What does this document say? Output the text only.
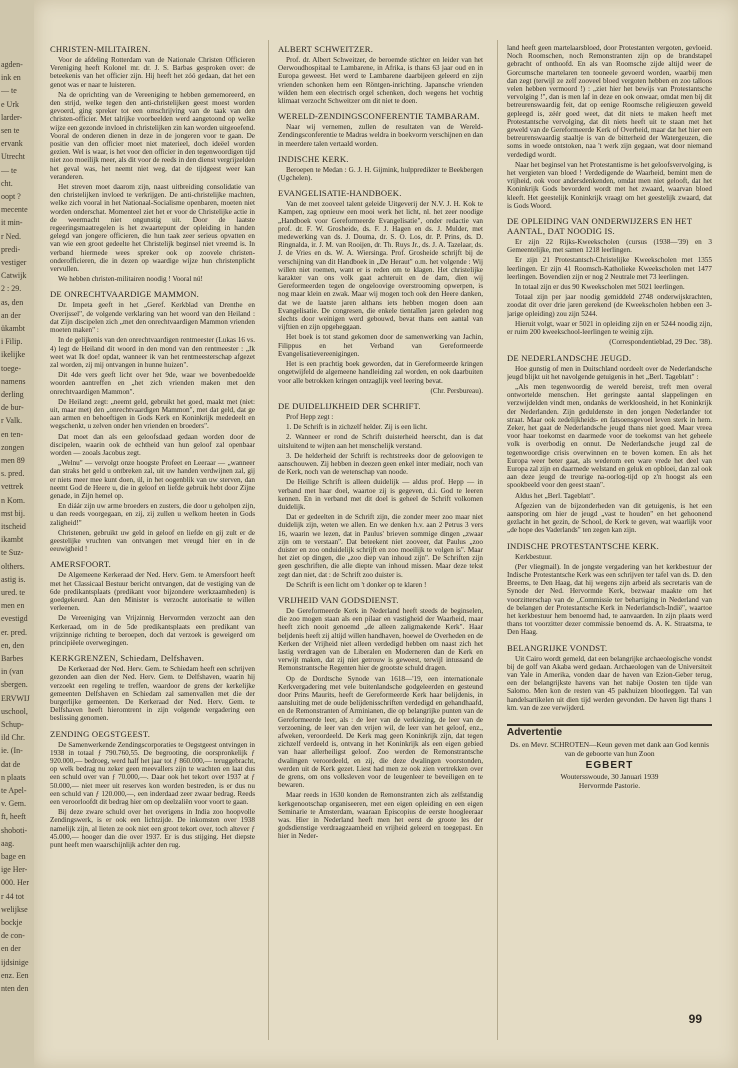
agden-
ink en
— te
e Urk
larder-
sen te
ervank
Utrecht
— te
cht.
oopt ?
mecente
it min-
r Ned.
predi-
vestiger
Catwijk
2 : 29.
as, den
an der
ükambt
i Filip.
ikelijke
toege-
namens
derling
de bur-
r Valk.
en ten-
zongen
men 89
s. pred.
vettrek
n Kom.
mst bij.
itscheid
ikambt
te Suz-
olthers.
astig is.
ured. te
men en
evestigd
er. pred.
en, den
Barbes
in (van
sbergen.
ERVWIJ
uschool,
Schup-
ild Chr.
ie. (In-
dat de
n plaats
te Apel-
v. Gem.
ft, heeft
shoboti-
aag.
bage en
ige Her-
000. Her
r 44 tot
welijkse
bockje
de con-
en der
ijdsinige
enz. Een
nten den
CHRISTEN-MILITAIREN.

Voor de afdeling Rotterdam van de Nationale Christen Officieren Vereniging heeft Kolonel mr. dr. J. S. Barbas gesproken over: de beteekenis van het officier zijn. Hij heeft het zóó gedaan, dat het een genot was er naar te luisteren.

Na de oprichting van de Vereeniging te hebben gememoreerd, en den strijd, welke tegen den anti-christelijken geest moest worden gevoerd, ging spreker tot een omschrijving van de taak van den christen-officier. Met talrijke voorbeelden werd aangetoond op welke wijze een gezonde invloed in christelijken zin kan worden uitgeoefend. Vooral de onderen dienen in deze in de jongeren voor te gaan. De positie van den officier moet niet materieel, doch ideëel worden gezien. Wel is waar, is het voor den officier in den tegenwoordigen tijd niet zoo moeilijk meer, als dit voor de reeds in den dienst vergrijzelden het geval was, het neemt niet weg, dat de tijdgeest weer kan veranderen.

Het streven moet daarom zijn, naast uitbreiding consolidatie van den christelijken invloed te verkrijgen. De anti-christelijke machten, welke zich vooral in het Nationaal-Socialisme openbaren, moeten niet worden onderschat. Momenteel ziet het er voor de Christelijke actie in de weermacht niet ongunstig uit. Door de laatste regeeringsmaatregelen is het zwaartepunt der opleiding in handen gelegd van jongere officieren, die hun taak zeer serieus opvatten en van wie een groot gedeelte het Christelijk beginsel niet vreemd is. In verband hiermede wees spreker ook op zoovele christen-onderofficieren, die in dezen op waardige wijze hun christenplicht vervullen.

We hebben christen-militairen noodig ! Vooral nú!

DE ONRECHTVAARDIGE MAMMON.

Dr. Impeta geeft in het „Geref. Kerkblad van Drenthe en Overijssel", de volgende verklaring van het woord van den Heiland : dat Zijn discipelen zich „met den onrechtvaardigen Mammon vrienden moeten maken" :

In de gelijkenis van den onrechtvaardigen rentmeester (Lukas 16 vs. 4) legt de Heiland dit woord in den mond van den rentmeester : „Ik weet wat Ik doe! opdat, wanneer ik van het rentmeesterschap afgezet zal worden, zij mij ontvangen in hunne huizen".

Dit 4de vers geeft licht over het 9de, waar we bovenbedoelde woorden aantreffen en „het zich vrienden maken met den onrechtvaardigen Mammon".

De Heiland zegt: „neemt geld, gebruikt het goed, maakt met (niet: uit, maar met) den „onrechtvaardigen Mammon", met dat geld, dat ge aan armen en behoeftigen in Gods Kerk en Koninkrijk mededeelt en wegschenkt, u zelven onder hen vrienden en broeders".

Dat moet dan als een geloofsdaad gedaan worden door de discipelen, waarin ook de echtheid van hun geloof zal openbaar worden — zooals Jacobus zegt.

„Welnu" — vervolgt onze hoogste Profeet en Leeraar — „wanneer dan straks het geld u ontbreken zal, uit uw handen verdwijnen zal, gij er niets meer mee kunt doen, úl, in het oogenblik van uw sterven, dan neemt God de Heere u, die in geloof en liefde gebruik hebt door Zijne genade, in Zijn hemel op.

En diáár zijn uw arme broeders en zusters, die door u geholpen zijn, u dan reeds voorgegaan, en zij, zij zullen u welkom heeten in Gods zaligheid!"

Christenen, gebruikt uw geld in geloof en liefde en gij zult er de geestelijke vruchten van ontvangen met vreugd hier en in de eeuwigheid !

AMERSFOORT.

De Algemeene Kerkeraad der Ned. Herv. Gem. te Amersfoort heeft met het Classicaal Bestuur bericht ontvangen, dat de vestiging van de 6de predikantsplaats (predikant voor bijzondere werkzaamheden) is goedgekeurd. Aan den Minister is verzocht autorisatie te willen verleenen.

De Vereeniging van Vrijzinnig Hervormden verzocht aan den Kerkeraad, om in de 5de predikantsplaats een predikant van vrijzinnige richting te beroepen, doch dat verzoek is geweigerd om principiëele overwegingen.

KERKGRENZEN, Schiedam, Delfshaven.

De Kerkeraad der Ned. Herv. Gem. te Schiedam heeft een schrijven gezonden aan dien der Ned. Herv. Gem. te Delfshaven, waarin hij verzoekt een regeling te treffen, waardoor de grens der kerkelijke gemeenten Delfshaven en Schiedam zal samenvallen met die der burgerlijke gemeenten. De Kerkeraad der Ned. Herv. Gem. te Delfshaven heeft hieromtrent in zijn volgende vergadering een beslissing genomen.

ZENDING OEGSTGEEST.

De Samenwerkende Zendingscorporaties te Oegstgeest ontvingen in 1938 in totaal ƒ 790.760,55. De begrooting, die oorspronkelijk ƒ 920.000,— bedroeg, werd half het jaar tot ƒ 860.000,— teruggebracht, op welk bedrag nu zeker geen meevallers zijn te wachten en laat dus een schuld over van ƒ 70.000,—. Daar ook het tekort over 1937 at ƒ 50.000,— niet meer uit reserves kon worden bestreden, is er dus nu een schuld van ƒ 120.000,—, een inderdaad zeer zwaar bedrag. Reeds een veroorloofdt dit bedrag hier om op deelzaliën voor voort te gaan.

Bij deze zware schuld over het overigens in India zoo hoopvolle Zendingswerk, is er ook een lichtzijde. De inkomsten over 1938 namelijk zijn, al lieten ze ook niet een groot tekort over, toch altever ƒ 45.000,— hooger dan die over 1937. Er is dus stijging. Het diepste punt heeft men waarschijnlijk achter den rug.

ALBERT SCHWEITZER.

Prof. dr. Albert Schweitzer, de beroemde stichter en leider van het Oerwoudhospitaal te Lambarene, in Afrika, is thans 63 jaar oud en in Europa geweest. Het werd te Lambarene daarbijeen geleerd en zijn vrienden schonken hem een Röntgen-inrichting. Japansche vrienden wilden hem een electrisch orgel schenken, doch wegens het vochtig klimaat verzocht Schweitzer om dit niet te doen.

WERELD-ZENDINGSCONFERENTIE TAMBARAM.

Naar wij vernemen, zullen de resultaten van de Wereld-Zendingsconferentie te Madras weldra in boekvorm verschijnen en dan in meerdere talen vertaald worden.

INDISCHE KERK.

Beroepen te Medan : G. J. H. Gijmink, hulppredikter te Beekbergen (Ugchelen).

EVANGELISATIE-HANDBOEK.

Van de met zooveel talent geleide Uitgeverij der N.V. J. H. Kok te Kampen, zag opnieuw een mooi werk het licht, nl. het zeer noodige „Handboek voor Gereformeerde Evangelisatie", onder redactie van prof. dr. F. W. Grosheide, ds. F. J. Hagen en ds. J. Mulder, met medewerking van ds. J. Douma, dr. S. O. Los, dr. P. Prins, ds. D. Ringnalda, ir. J. M. van Rooijen, dr. Th. Ruys Jr., ds. J. A. Tazelaar, ds. J. de Vries en ds. W. A. Wiersinga. Prof. Grosheide schrijft bij de verschijning van dit Handboek in „De Heraut" o.m. het volgende : Wij willen niet roemen, want er is reden om te klagen. Het christelijke karakter van ons volk gaat achteruit en de dam, dien wij Gereformeerden tegen de ongeloovige overstrooming opwerpen, is nog maar klein en zwak. Maar wij mogen toch ook den Heere danken, dat we de laatste jaren althans iets hebben mogen doen aan Evangelisatie. De congresen, die enkele tientallen jaren geleden nog slechts door weinigen werd gebouwd, bevat thans een aantal van vijftien en zijn opgeheggaan.

Het boek is tot stand gekomen door de samenwerking van Jachin, Filippus en het Verband van Gereformeerde Evangelisatievereenigingen.

Het is een prachtig boek geworden, dat in Gereformeerde kringen ongetwijfeld de algemeene handleiding zal worden, en ook daarbuiten voor alle betrokken kringen ontzaglijk veel leering bevat.

(Chr. Persbureau).

DE DUIDELIJKHEID DER SCHRIFT.

Prof Hepp zegt :

1. De Schrift is in zichzelf helder. Zij is een licht.

2. Wanneer er rond de Schrift duisterheid heerscht, dan is dat uitsluitend te wijten aan het menschelijk verstand.

3. De helderheid der Schrift is rechtstreeks door de geloovigen te aanschouwen. Zij hebben in deezen geen enkel inter mediair, noch van de Kerk, noch van de wetenschap van noode.

De Heilige Schrift is alleen duidelijk — aldus prof. Hepp — in verband met haar doel, waartoe zij is gegeven, d.i. God te leeren kennen. En in verband met dit doel is geheel de Schrift volkomen duidelijk.

Dat er gedeelten in de Schrift zijn, die zonder meer zoo maar niet duidelijk zijn, weten we allen. En we denken h.v. aan 2 Petrus 3 vers 16, waarin we lezen, dat in Paulus' brieven sommige dingen „zwaar zijn om te verstaan". Dat beteekent niet zooveer, dat Paulus „zoo duister en zoo onduidelijk schrijft en zoo moeilijk te volgen is". Maar het ziet op dingen, die „zoo diep van inhoud zijn". De Schriften zijn geen geschriften, die alle diepte van inhoud missen. Maar deze tekst zegt dan niet, dat : de Schrift zoo duister is.

De Schrift is een licht om 't donker op te klaren !

VRIJHEID VAN GODSDIENST.

De Gereformeerde Kerk in Nederland heeft steeds de beginselen, die zoo mogen staan als een pilaar en vastigheid der Waarheid, maar heeft zich nooit genoemd „de alleen zaligmakende Kerk". Haar beljdenis heeft zij altijd willen handhaven, hoewel de Overheden en de Kerken der Vrijheid niet alleen verdedigd hebben om naast zich het lastig verdragen van de Liberalen en Moderneren dan de Kerk en verwijt maken, dat zij niet getrouw is geweest, terwijl intussand de Remonstrantsche Regenten hier de grootste schuld dragen.

Op de Dordtsche Synode van 1618—'19, een internationale Kerkvergadering met vele buitenlandsche godgeleerden en gesteund door Prins Maurits, heeft de Gereformeerde Kerk haar belijdenis, in aansluiting met de oude belijdenisschriften verdedigd en gehandhaafd, en de Remonstranten of Arminianen, die op belangrijke punten van de Gereformeerde leer, als : de leer van de verkiezing, de leer van de verzoening, de leer van den vrijen wil, de leer van het geloof, enz., afweken, veroordeeld. De Kerk mag geen Koninkrijk zijn, dat tegen zichzelf verdeeld is, ontvang in het Koninkrijk als een eigen gebied van haar allerheiligst geloof. Zoo werden de Remonstrantsche dwalingen veroordeeld, en zij, die deze dwalingen voorstonden, werden uit de Kerk gezet. Liest had men ze ook zien vertrekken over de grens, om ons volksleven voor de leugenleer te beveiligen en te bewaren.

Maar reeds in 1630 konden de Remonstranten zich als zelfstandig kerkgenootschap organiseeren, met een eigen opleiding en een eigen Seminarie te Amsterdam, waaraan Episcopius de eerste hoogleeraar was. Hier in Nederland heeft men het eerst de groote les der godsdienstige verdraagzaamheid en vrijheid geleerd en toegepast. En hier in Neder-

land heeft geen martelaarsbloed, door Protestanten vergoten, gevloeid. Noch Roomschen, noch Remonstranten zijn op de brandstapel gebracht of onthoofd. En als van Roomsche zijde altijd weer de Gorcumsche martelaren ten tooneele gevoerd worden, waarbij men dan zegt (terwijl ze zelf zooveel bloed vergoten hebben en zoo talloos velen hebben vermoord !) : „ziet hier het bewijs van Protestantsche vervolging !", dan is men laf in deze en ook onwaar, omdat men bij dit betreurenswaardig feit, dat op eenige Roomsche religieuzen geweld gepleegd is, zéér goed weet, dat dit niets te maken heeft met Protestantsche vervolging, dat dit niets heeft uit te staan met het geweld van de Gereformeerde Kerk of Overheid, maar dat het hier een betreurenswaardig staaltje is van de bitterheid der Watergeuzen, die soms in woede ontstoken, naa 't werk zijn gegaan, wat door niemand verdedigd wordt.

Naar het beginsel van het Protestantisme is het geloofsvervolging, is het vergieten van bloed ! Verdedigende de Waarheid, bemint men de vrijheid, ook voor andersdenkenden, omdat men niet gelooft, dat het Koninkrijk Gods bevorderd wordt met het zwaard, waarvan bloed kleeft. Het geestelijk Koninkrijk vraagt om het geestelijk zwaard, dat is Gods Woord.

DE OPLEIDING VAN ONDERWIJZERS EN HET AANTAL, DAT NOODIG IS.

Er zijn 22 Rijks-Kweekscholen (cursus (1938—'39) en 3 Gemeentelijke, met samen 1218 leerlingen.

Er zijn 21 Protestantsch-Christelijke Kweekscholen met 1355 leerlingen. Er zijn 41 Roomsch-Katholieke Kweekscholen met 1477 leerlingen. Bovendien zijn er nog 2 Neutrale met 73 leerlingen.

In totaal zijn er dus 90 Kweekscholen met 5021 leerlingen.

Totaal zijn per jaar noodig gemiddeld 2748 onderwijskrachten, zoodat dit over drie jaren gerekend (de Kweekscholen hebben een 3-jarige opleiding) zou zijn 5244.

Hieruit volgt, waar er 5021 in opleiding zijn en er 5244 noodig zijn, er ruim 200 kweekschool-leerlingen te weinig zijn.

(Correspondentieblad, 29 Dec. '38).

DE NEDERLANDSCHE JEUGD.

Hoe gunstig of men in Duitschland oordeelt over de Nederlandsche jeugd blijkt uit het navolgende getuigenis in het „Berl. Tageblatt" :

„Als men tegenwoordig de wereld bereist, treft men overal ontwortelde menschen. Het geringste aantal slappelingen en verzwijdelden vindt men, ondanks de werkloosheid, in het Koninkrijk der Nederlanden. Zijn geduldenste in den jongen Nederlander tot straat. Maar ook zedelijkheids- en fatsoensgevoel leven sterk in hem. Zeker, het gaat de Nederlandsche jeugd thans niet goed. Maar vreea voor haar toekomst en daarmede voor de toekomst van het geheele volk is overbodig en onnut. De Nederlandsche jeugd zal de tegenwoordige crisis overwinnen en te boven komen. En als het Europa weer beter gaat, als wederom een ware vrede het deel van Europa zal zijn en daarmede welstand en geluk en opbloei, dan zal ook aan deze jeugd de treurige na-oorlog-tijd op z'n hoogst als een spookbeeld voor den geest staan".

Aldus het „Berl. Tageblatt".

Afgezien van de bijzonderheden van dit getuigenis, is het een aansporing om hier de jeugd „vast te houden" en het gehoonend gezlacht in het gezin, de School, de Kerk te geven, wat waarlijk voor „de hope des Vaderlands" ten zegen kan zijn.

INDISCHE PROTESTANTSCHE KERK.

Kerkbestuur.

(Per vliegmail). In de jongste vergadering van het kerkbestuur der Indische Protestantsche Kerk was een schrijven ter tafel van ds. D. den Breems, te Den Haag, dat hij wegens zijn arbeid als secretaris van de Synode der Ned. Hervormde Kerk, bezwaar maakte om het voorzitterschap van de „Commissie ter behartiging in Nederland van de belangen der Protestantsche Kerk in Nederlandsch-Indië", waartoe het kerkbestuur hem benoemd had, te aanvaarden. In zijn plaats werd thans tot voorzitter dezer commissie benoemd ds. A. K. Straatsma, te Den Haag.

BELANGRIJKE VONDST.

Uit Cairo wordt gemeld, dat een belangrijke archaeologische vondst bij de golf van Akaba werd gedaan. Archaeologen van de Universiteit van Yale in Amerika, vonden daar de haven van Ezion-Geber terug, een der belangrijkste havens van het nabije Oosten ten tijde van Salomo. Men kon de resten van 45 pakhuizen blootleggen. Tal van handelsartikelen uit dien tijd werden gevonden. De haven ligt thans 1 km. van de zee verwijderd.

Advertentie
Ds. en Mevr. SCHROTEN—Keun geven met dank aan God kennis van de geboorte van hun Zoon
EGBERT
Woutersswoude, 30 Januari 1939
Hervormde Pastorie.
99
